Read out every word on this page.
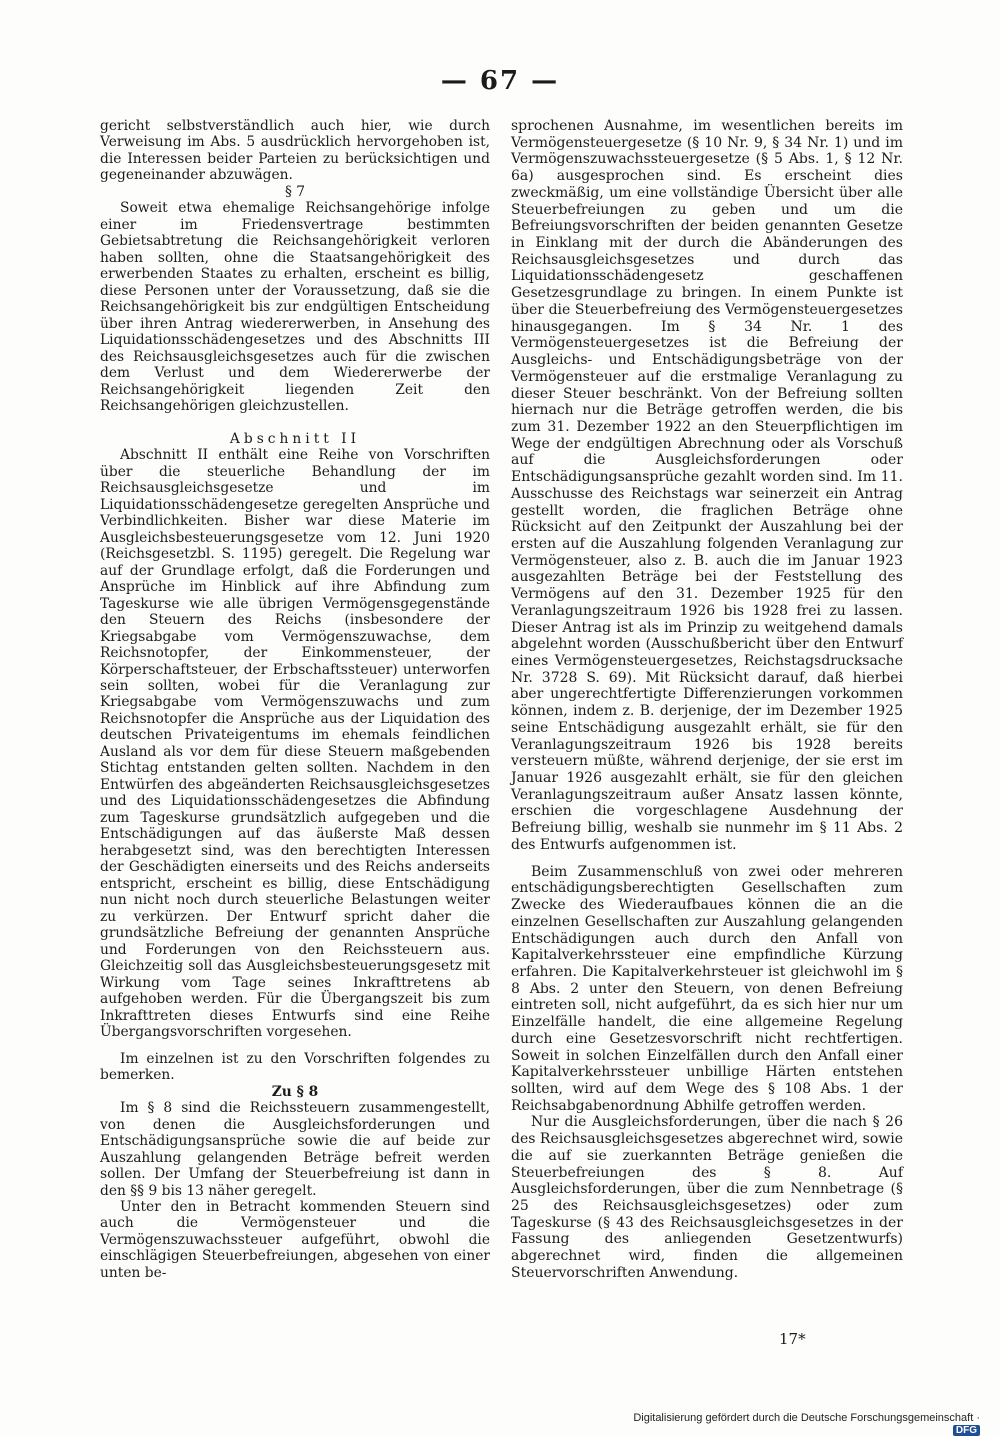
— 67 —

gericht selbstverständlich auch hier, wie durch Verweisung im Abs. 5 ausdrücklich hervorgehoben ist, die Interessen beider Parteien zu berücksichtigen und gegeneinander abzuwägen.

§ 7

Soweit etwa ehemalige Reichsangehörige infolge einer im Friedensvertrage bestimmten Gebietsabtretung die Reichsangehörigkeit verloren haben sollten, ohne die Staatsangehörigkeit des erwerbenden Staates zu erhalten, erscheint es billig, diese Personen unter der Voraussetzung, daß sie die Reichsangehörigkeit bis zur endgültigen Entscheidung über ihren Antrag wiedererwerben, in Ansehung des Liquidationsschädengesetzes und des Abschnitts III des Reichsausgleichsgesetzes auch für die zwischen dem Verlust und dem Wiedererwerbe der Reichsangehörigkeit liegenden Zeit den Reichsangehörigen gleichzustellen.

Abschnitt II

Abschnitt II enthält eine Reihe von Vorschriften über die steuerliche Behandlung der im Reichsausgleichsgesetze und im Liquidationsschädengesetze geregelten Ansprüche und Verbindlichkeiten. Bisher war diese Materie im Ausgleichsbesteuerungsgesetze vom 12. Juni 1920 (Reichsgesetzbl. S. 1195) geregelt. Die Regelung war auf der Grundlage erfolgt, daß die Forderungen und Ansprüche im Hinblick auf ihre Abfindung zum Tageskurse wie alle übrigen Vermögensgegenstände den Steuern des Reichs (insbesondere der Kriegsabgabe vom Vermögenszuwachse, dem Reichsnotopfer, der Einkommensteuer, der Körperschaftsteuer, der Erbschaftssteuer) unterworfen sein sollten, wobei für die Veranlagung zur Kriegsabgabe vom Vermögenszuwachs und zum Reichsnotopfer die Ansprüche aus der Liquidation des deutschen Privateigentums im ehemals feindlichen Ausland als vor dem für diese Steuern maßgebenden Stichtag entstanden gelten sollten. Nachdem in den Entwürfen des abgeänderten Reichsausgleichsgesetzes und des Liquidationsschädengesetzes die Abfindung zum Tageskurse grundsätzlich aufgegeben und die Entschädigungen auf das äußerste Maß dessen herabgesetzt sind, was den berechtigten Interessen der Geschädigten einerseits und des Reichs anderseits entspricht, erscheint es billig, diese Entschädigung nun nicht noch durch steuerliche Belastungen weiter zu verkürzen. Der Entwurf spricht daher die grundsätzliche Befreiung der genannten Ansprüche und Forderungen von den Reichssteuern aus. Gleichzeitig soll das Ausgleichsbesteuerungsgesetz mit Wirkung vom Tage seines Inkrafttretens ab aufgehoben werden. Für die Übergangszeit bis zum Inkrafttreten dieses Entwurfs sind eine Reihe Übergangsvorschriften vorgesehen.

Im einzelnen ist zu den Vorschriften folgendes zu bemerken.

Zu § 8

Im § 8 sind die Reichssteuern zusammengestellt, von denen die Ausgleichsforderungen und Entschädigungsansprüche sowie die auf beide zur Auszahlung gelangenden Beträge befreit werden sollen. Der Umfang der Steuerbefreiung ist dann in den §§ 9 bis 13 näher geregelt.

Unter den in Betracht kommenden Steuern sind auch die Vermögensteuer und die Vermögenszuwachssteuer aufgeführt, obwohl die einschlägigen Steuerbefreiungen, abgesehen von einer unten be-

sprochenen Ausnahme, im wesentlichen bereits im Vermögensteuergesetze (§ 10 Nr. 9, § 34 Nr. 1) und im Vermögenszuwachssteuergesetze (§ 5 Abs. 1, § 12 Nr. 6a) ausgesprochen sind. Es erscheint dies zweckmäßig, um eine vollständige Übersicht über alle Steuerbefreiungen zu geben und um die Befreiungsvorschriften der beiden genannten Gesetze in Einklang mit der durch die Abänderungen des Reichsausgleichsgesetzes und durch das Liquidationsschädengesetz geschaffenen Gesetzesgrundlage zu bringen. In einem Punkte ist über die Steuerbefreiung des Vermögensteuergesetzes hinausgegangen. Im § 34 Nr. 1 des Vermögensteuergesetzes ist die Befreiung der Ausgleichs- und Entschädigungsbeträge von der Vermögensteuer auf die erstmalige Veranlagung zu dieser Steuer beschränkt. Von der Befreiung sollten hiernach nur die Beträge getroffen werden, die bis zum 31. Dezember 1922 an den Steuerpflichtigen im Wege der endgültigen Abrechnung oder als Vorschuß auf die Ausgleichsforderungen oder Entschädigungsansprüche gezahlt worden sind. Im 11. Ausschusse des Reichstags war seinerzeit ein Antrag gestellt worden, die fraglichen Beträge ohne Rücksicht auf den Zeitpunkt der Auszahlung bei der ersten auf die Auszahlung folgenden Veranlagung zur Vermögensteuer, also z. B. auch die im Januar 1923 ausgezahlten Beträge bei der Feststellung des Vermögens auf den 31. Dezember 1925 für den Veranlagungszeitraum 1926 bis 1928 frei zu lassen. Dieser Antrag ist als im Prinzip zu weitgehend damals abgelehnt worden (Ausschußbericht über den Entwurf eines Vermögensteuergesetzes, Reichstagsdrucksache Nr. 3728 S. 69). Mit Rücksicht darauf, daß hierbei aber ungerechtfertigte Differenzierungen vorkommen können, indem z. B. derjenige, der im Dezember 1925 seine Entschädigung ausgezahlt erhält, sie für den Veranlagungszeitraum 1926 bis 1928 bereits versteuern müßte, während derjenige, der sie erst im Januar 1926 ausgezahlt erhält, sie für den gleichen Veranlagungszeitraum außer Ansatz lassen könnte, erschien die vorgeschlagene Ausdehnung der Befreiung billig, weshalb sie nunmehr im § 11 Abs. 2 des Entwurfs aufgenommen ist.

Beim Zusammenschluß von zwei oder mehreren entschädigungsberechtigten Gesellschaften zum Zwecke des Wiederaufbaues können die an die einzelnen Gesellschaften zur Auszahlung gelangenden Entschädigungen auch durch den Anfall von Kapitalverkehrssteuer eine empfindliche Kürzung erfahren. Die Kapitalverkehrsteuer ist gleichwohl im § 8 Abs. 2 unter den Steuern, von denen Befreiung eintreten soll, nicht aufgeführt, da es sich hier nur um Einzelfälle handelt, die eine allgemeine Regelung durch eine Gesetzesvorschrift nicht rechtfertigen. Soweit in solchen Einzelfällen durch den Anfall einer Kapitalverkehrssteuer unbillige Härten entstehen sollten, wird auf dem Wege des § 108 Abs. 1 der Reichsabgabenordnung Abhilfe getroffen werden.

Nur die Ausgleichsforderungen, über die nach § 26 des Reichsausgleichsgesetzes abgerechnet wird, sowie die auf sie zuerkannten Beträge genießen die Steuerbefreiungen des § 8. Auf Ausgleichsforderungen, über die zum Nennbetrage (§ 25 des Reichsausgleichsgesetzes) oder zum Tageskurse (§ 43 des Reichsausgleichsgesetzes in der Fassung des anliegenden Gesetzentwurfs) abgerechnet wird, finden die allgemeinen Steuervorschriften Anwendung.

17*
Digitalisierung gefördert durch die Deutsche Forschungsgemeinschaft · DFG
